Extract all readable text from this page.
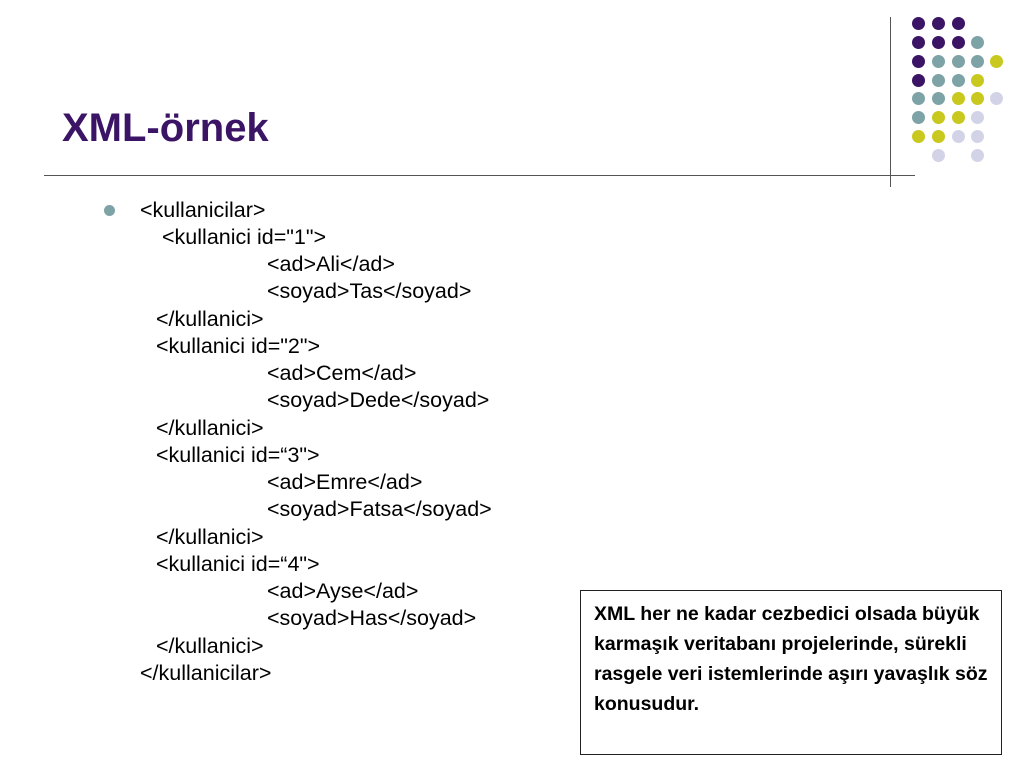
XML-örnek
<kullanicilar>
<kullanici id="1">
<ad>Ali</ad>
<soyad>Tas</soyad>
</kullanici>
<kullanici id="2">
<ad>Cem</ad>
<soyad>Dede</soyad>
</kullanici>
<kullanici id=“3">
<ad>Emre</ad>
<soyad>Fatsa</soyad>
</kullanici>
<kullanici id=“4">
<ad>Ayse</ad>
<soyad>Has</soyad>
</kullanici>
</kullanicilar>
XML her ne kadar cezbedici olsada büyük karmaşık veritabanı projelerinde, sürekli rasgele veri istemlerinde aşırı yavaşlık söz konusudur.
